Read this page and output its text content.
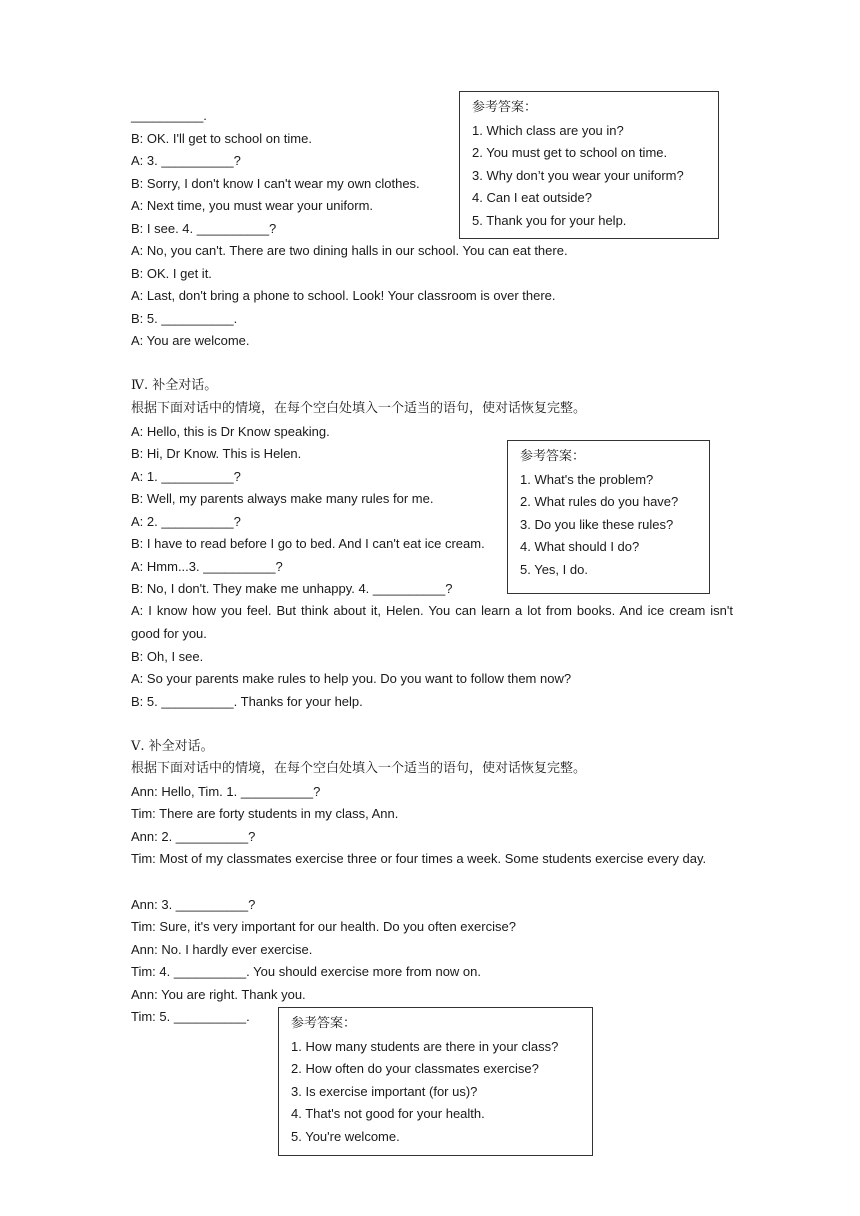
__________.
B: OK. I'll get to school on time.
A: 3. __________?
B: Sorry, I don't know I can't wear my own clothes.
A: Next time, you must wear your uniform.
B: I see. 4. __________?
A: No, you can't. There are two dining halls in our school. You can eat there.
B: OK. I get it.
A: Last, don't bring a phone to school. Look! Your classroom is over there.
B: 5. __________.
A: You are welcome.
参考答案：
1. Which class are you in?
2. You must get to school on time.
3. Why don’t you wear your uniform?
4. Can I eat outside?
5. Thank you for your help.
Ⅳ. 补全对话。
根据下面对话中的情境，在每个空白处填入一个适当的语句，使对话恢复完整。
A: Hello, this is Dr Know speaking.
B: Hi, Dr Know. This is Helen.
A: 1. __________?
B: Well, my parents always make many rules for me.
A: 2. __________?
B: I have to read before I go to bed. And I can't eat ice cream.
A: Hmm...3. __________?
B: No, I don't. They make me unhappy. 4. __________?
A: I know how you feel. But think about it, Helen. You can learn a lot from books. And ice cream isn't good for you.
B: Oh, I see.
A: So your parents make rules to help you. Do you want to follow them now?
B: 5. __________. Thanks for your help.
参考答案：
1. What's the problem?
2. What rules do you have?
3. Do you like these rules?
4. What should I do?
5. Yes, I do.
Ⅴ. 补全对话。
根据下面对话中的情境，在每个空白处填入一个适当的语句，使对话恢复完整。
Ann: Hello, Tim. 1. __________?
Tim: There are forty students in my class, Ann.
Ann: 2. __________?
Tim: Most of my classmates exercise three or four times a week. Some students exercise every day.
Ann: 3. __________?
Tim: Sure, it's very important for our health. Do you often exercise?
Ann: No. I hardly ever exercise.
Tim: 4. __________. You should exercise more from now on.
Ann: You are right. Thank you.
Tim: 5. __________.	参考答案：
1. How many students are there in your class?
2. How often do your classmates exercise?
3. Is exercise important (for us)?
4. That's not good for your health.
5. You're welcome.
